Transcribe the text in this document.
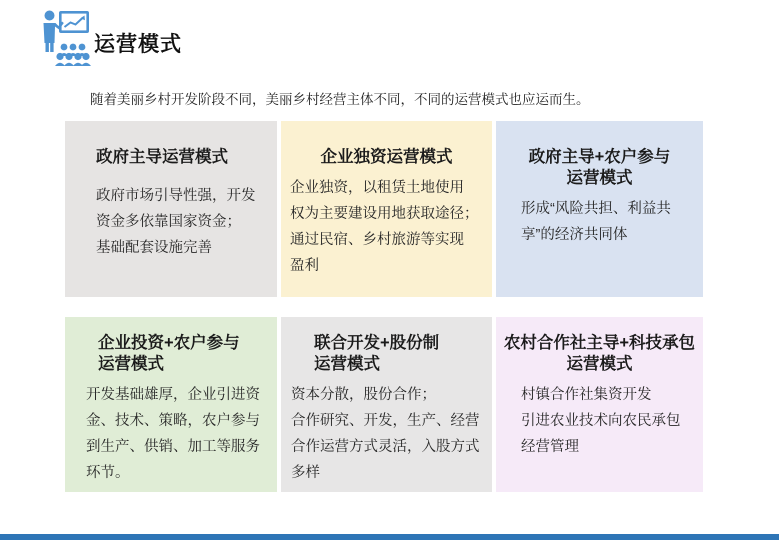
运营模式
随着美丽乡村开发阶段不同，美丽乡村经营主体不同，不同的运营模式也应运而生。
政府主导运营模式
政府市场引导性强，开发
资金多依靠国家资金；
基础配套设施完善
企业独资运营模式
企业独资，以租赁土地使用
权为主要建设用地获取途径；
通过民宿、乡村旅游等实现
盈利
政府主导+农户参与
运营模式
形成“风险共担、利益共
享”的经济共同体
企业投资+农户参与
运营模式
开发基础雄厚，企业引进资
金、技术、策略，农户参与
到生产、供销、加工等服务
环节。
联合开发+股份制
运营模式
资本分散，股份合作；
合作研究、开发，生产、经营
合作运营方式灵活，入股方式
多样
农村合作社主导+科技承包
运营模式
村镇合作社集资开发
引进农业技术向农民承包
经营管理
